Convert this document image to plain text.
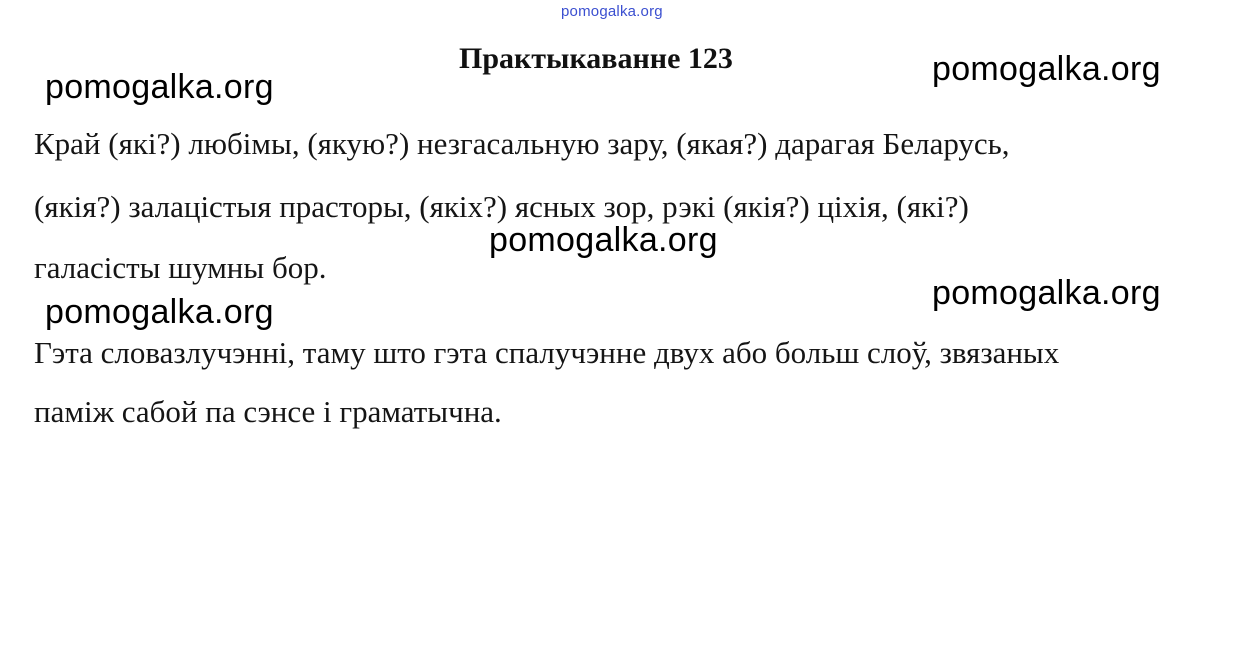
pomogalka.org
Практыкаванне 123
pomogalka.org	pomogalka.org
pomogalka.org
pomogalka.org	pomogalka.org
Край (які?) любімы, (якую?) незгасальную зару, (якая?) дарагая Беларусь,
(якія?) залацістыя прасторы, (якіх?) ясных зор, рэкі (якія?) ціхія, (які?)
галасісты шумны бор.
Гэта словазлучэнні, таму што гэта спалучэнне двух або больш слоў, звязаных
паміж сабой па сэнсе і граматычна.
